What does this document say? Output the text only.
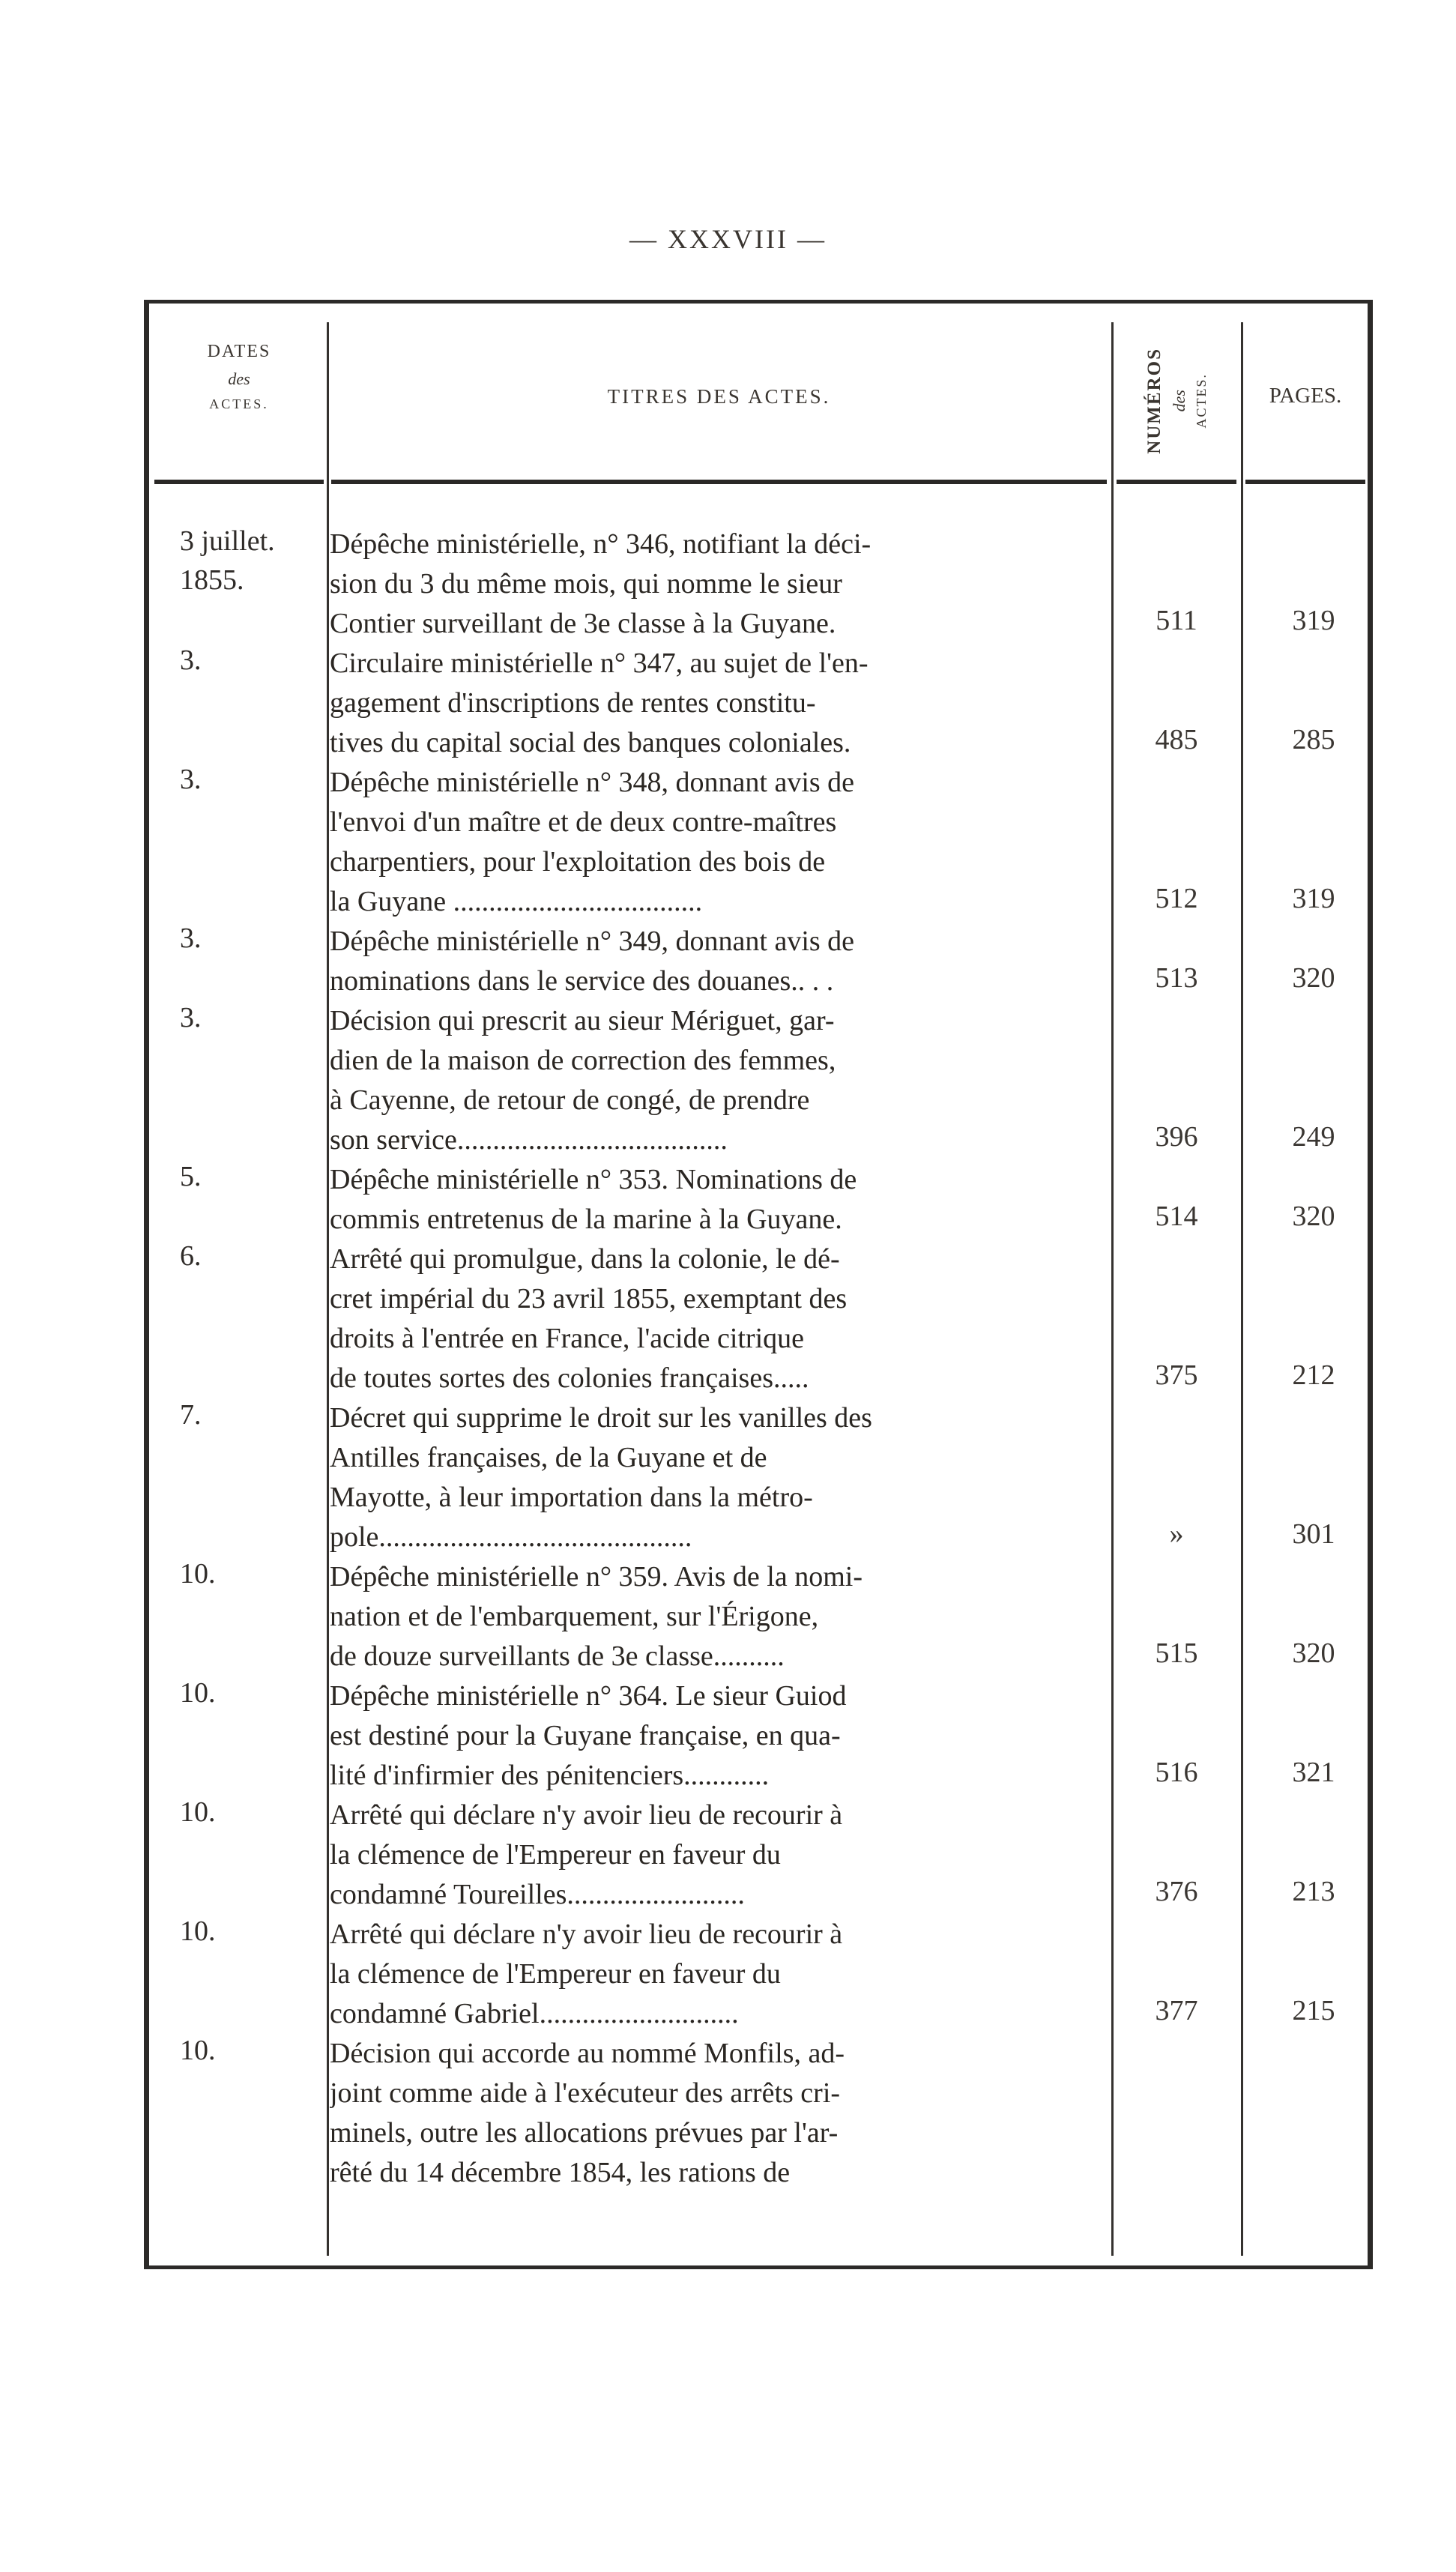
— XXXVIII —
DATES
des
ACTES.	TITRES DES ACTES.	NUMÉROS des ACTES.	PAGES.
3 juillet.
1855.
Dépêche ministérielle, n° 346, notifiant la déci-
sion du 3 du même mois, qui nomme le sieur
Contier surveillant de 3e classe à la Guyane.	511	319
3.	Circulaire ministérielle n° 347, au sujet de l'en-
gagement d'inscriptions de rentes constitu-
tives du capital social des banques coloniales.	485	285
3.	Dépêche ministérielle n° 348, donnant avis de
l'envoi d'un maître et de deux contre-maîtres
charpentiers, pour l'exploitation des bois de
la Guyane ...................................	512	319
3.	Dépêche ministérielle n° 349, donnant avis de
nominations dans le service des douanes.. . .	513	320
3.	Décision qui prescrit au sieur Mériguet, gar-
dien de la maison de correction des femmes,
à Cayenne, de retour de congé, de prendre
son service......................................	396	249
5.	Dépêche ministérielle n° 353. Nominations de
commis entretenus de la marine à la Guyane.	514	320
6.	Arrêté qui promulgue, dans la colonie, le dé-
cret impérial du 23 avril 1855, exemptant des
droits à l'entrée en France, l'acide citrique
de toutes sortes des colonies françaises.....	375	212
7.	Décret qui supprime le droit sur les vanilles des
Antilles françaises, de la Guyane et de
Mayotte, à leur importation dans la métro-
pole............................................	»	301
10.	Dépêche ministérielle n° 359. Avis de la nomi-
nation et de l'embarquement, sur l'Érigone,
de douze surveillants de 3e classe..........	515	320
10.	Dépêche ministérielle n° 364. Le sieur Guiod
est destiné pour la Guyane française, en qua-
lité d'infirmier des pénitenciers............	516	321
10.	Arrêté qui déclare n'y avoir lieu de recourir à
la clémence de l'Empereur en faveur du
condamné Toureilles.........................	376	213
10.	Arrêté qui déclare n'y avoir lieu de recourir à
la clémence de l'Empereur en faveur du
condamné Gabriel............................	377	215
10.	Décision qui accorde au nommé Monfils, ad-
joint comme aide à l'exécuteur des arrêts cri-
minels, outre les allocations prévues par l'ar-
rêté du 14 décembre 1854, les rations de
